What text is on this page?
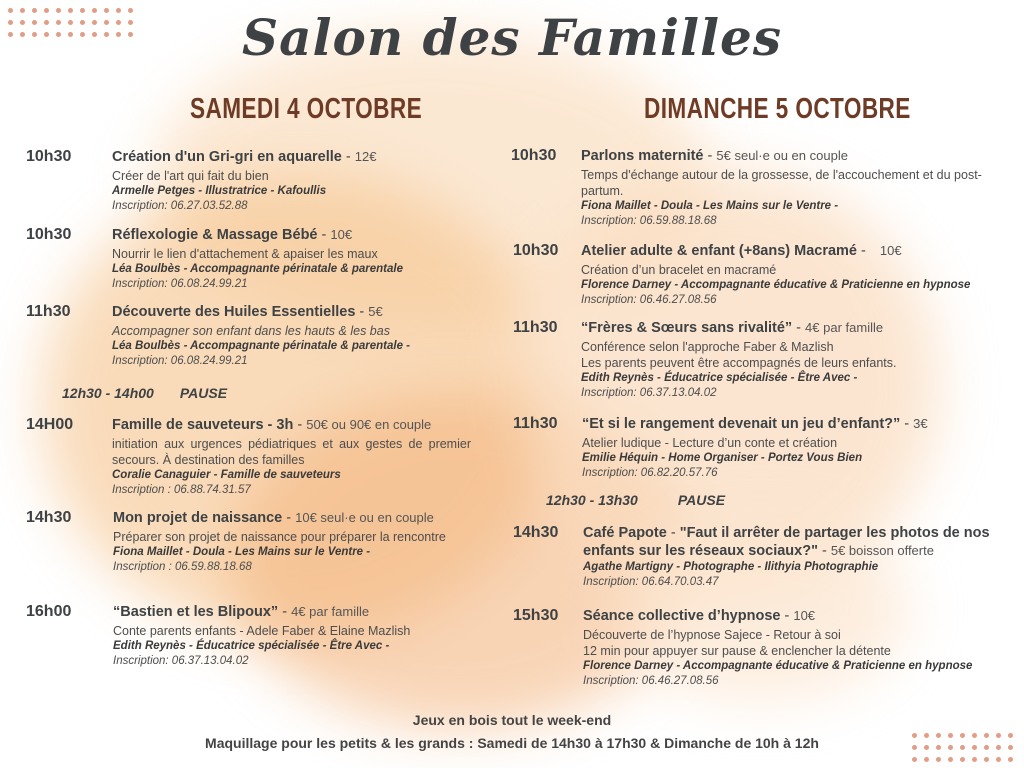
Salon des Familles
SAMEDI 4 OCTOBRE	DIMANCHE 5 OCTOBRE
10h30	Création d'un Gri-gri en aquarelle - 12€
Créer de l'art qui fait du bien
Armelle Petges - Illustratrice - Kafoullis
Inscription: 06.27.03.52.88
10h30	Réflexologie & Massage Bébé - 10€
Nourrir le lien d'attachement & apaiser les maux
Léa Boulbès - Accompagnante périnatale & parentale
Inscription: 06.08.24.99.21
11h30	Découverte des Huiles Essentielles - 5€
Accompagner son enfant dans les hauts & les bas
Léa Boulbès - Accompagnante périnatale & parentale -
Inscription: 06.08.24.99.21
12h30 - 14h00 PAUSE
14H00	Famille de sauveteurs - 3h - 50€ ou 90€ en couple
initiation aux urgences pédiatriques et aux gestes de premier secours. À destination des familles
Coralie Canaguier - Famille de sauveteurs
Inscription : 06.88.74.31.57
14h30	Mon projet de naissance - 10€ seul·e ou en couple
Préparer son projet de naissance pour préparer la rencontre
Fiona Maillet - Doula - Les Mains sur le Ventre -
Inscription : 06.59.88.18.68
16h00	“Bastien et les Blipoux” - 4€ par famille
Conte parents enfants - Adele Faber & Elaine Mazlish
Edith Reynès - Éducatrice spécialisée - Être Avec -
Inscription: 06.37.13.04.02
10h30 Parlons maternité - 5€ seul·e ou en couple
Temps d'échange autour de la grossesse, de l'accouchement et du post-partum.
Fiona Maillet - Doula - Les Mains sur le Ventre -
Inscription: 06.59.88.18.68
10h30 Atelier adulte & enfant (+8ans) Macramé - 10€
Création d’un bracelet en macramé
Florence Darney - Accompagnante éducative & Praticienne en hypnose
Inscription: 06.46.27.08.56
11h30 “Frères & Sœurs sans rivalité” - 4€ par famille
Conférence selon l'approche Faber & Mazlish
Les parents peuvent être accompagnés de leurs enfants.
Edith Reynès - Éducatrice spécialisée - Être Avec -
Inscription: 06.37.13.04.02
11h30 “Et si le rangement devenait un jeu d’enfant?” - 3€
Atelier ludique - Lecture d’un conte et création
Emilie Héquin - Home Organiser - Portez Vous Bien
Inscription: 06.82.20.57.76
12h30 - 13h30	PAUSE
14h30 Café Papote - "Faut il arrêter de partager les photos de nos enfants sur les réseaux sociaux?" - 5€ boisson offerte
Agathe Martigny - Photographe - Ilithyia Photographie
Inscription: 06.64.70.03.47
15h30 Séance collective d’hypnose - 10€
Découverte de l’hypnose Sajece - Retour à soi
12 min pour appuyer sur pause & enclencher la détente
Florence Darney - Accompagnante éducative & Praticienne en hypnose
Inscription: 06.46.27.08.56
Jeux en bois tout le week-end
Maquillage pour les petits & les grands : Samedi de 14h30 à 17h30 & Dimanche de 10h à 12h
